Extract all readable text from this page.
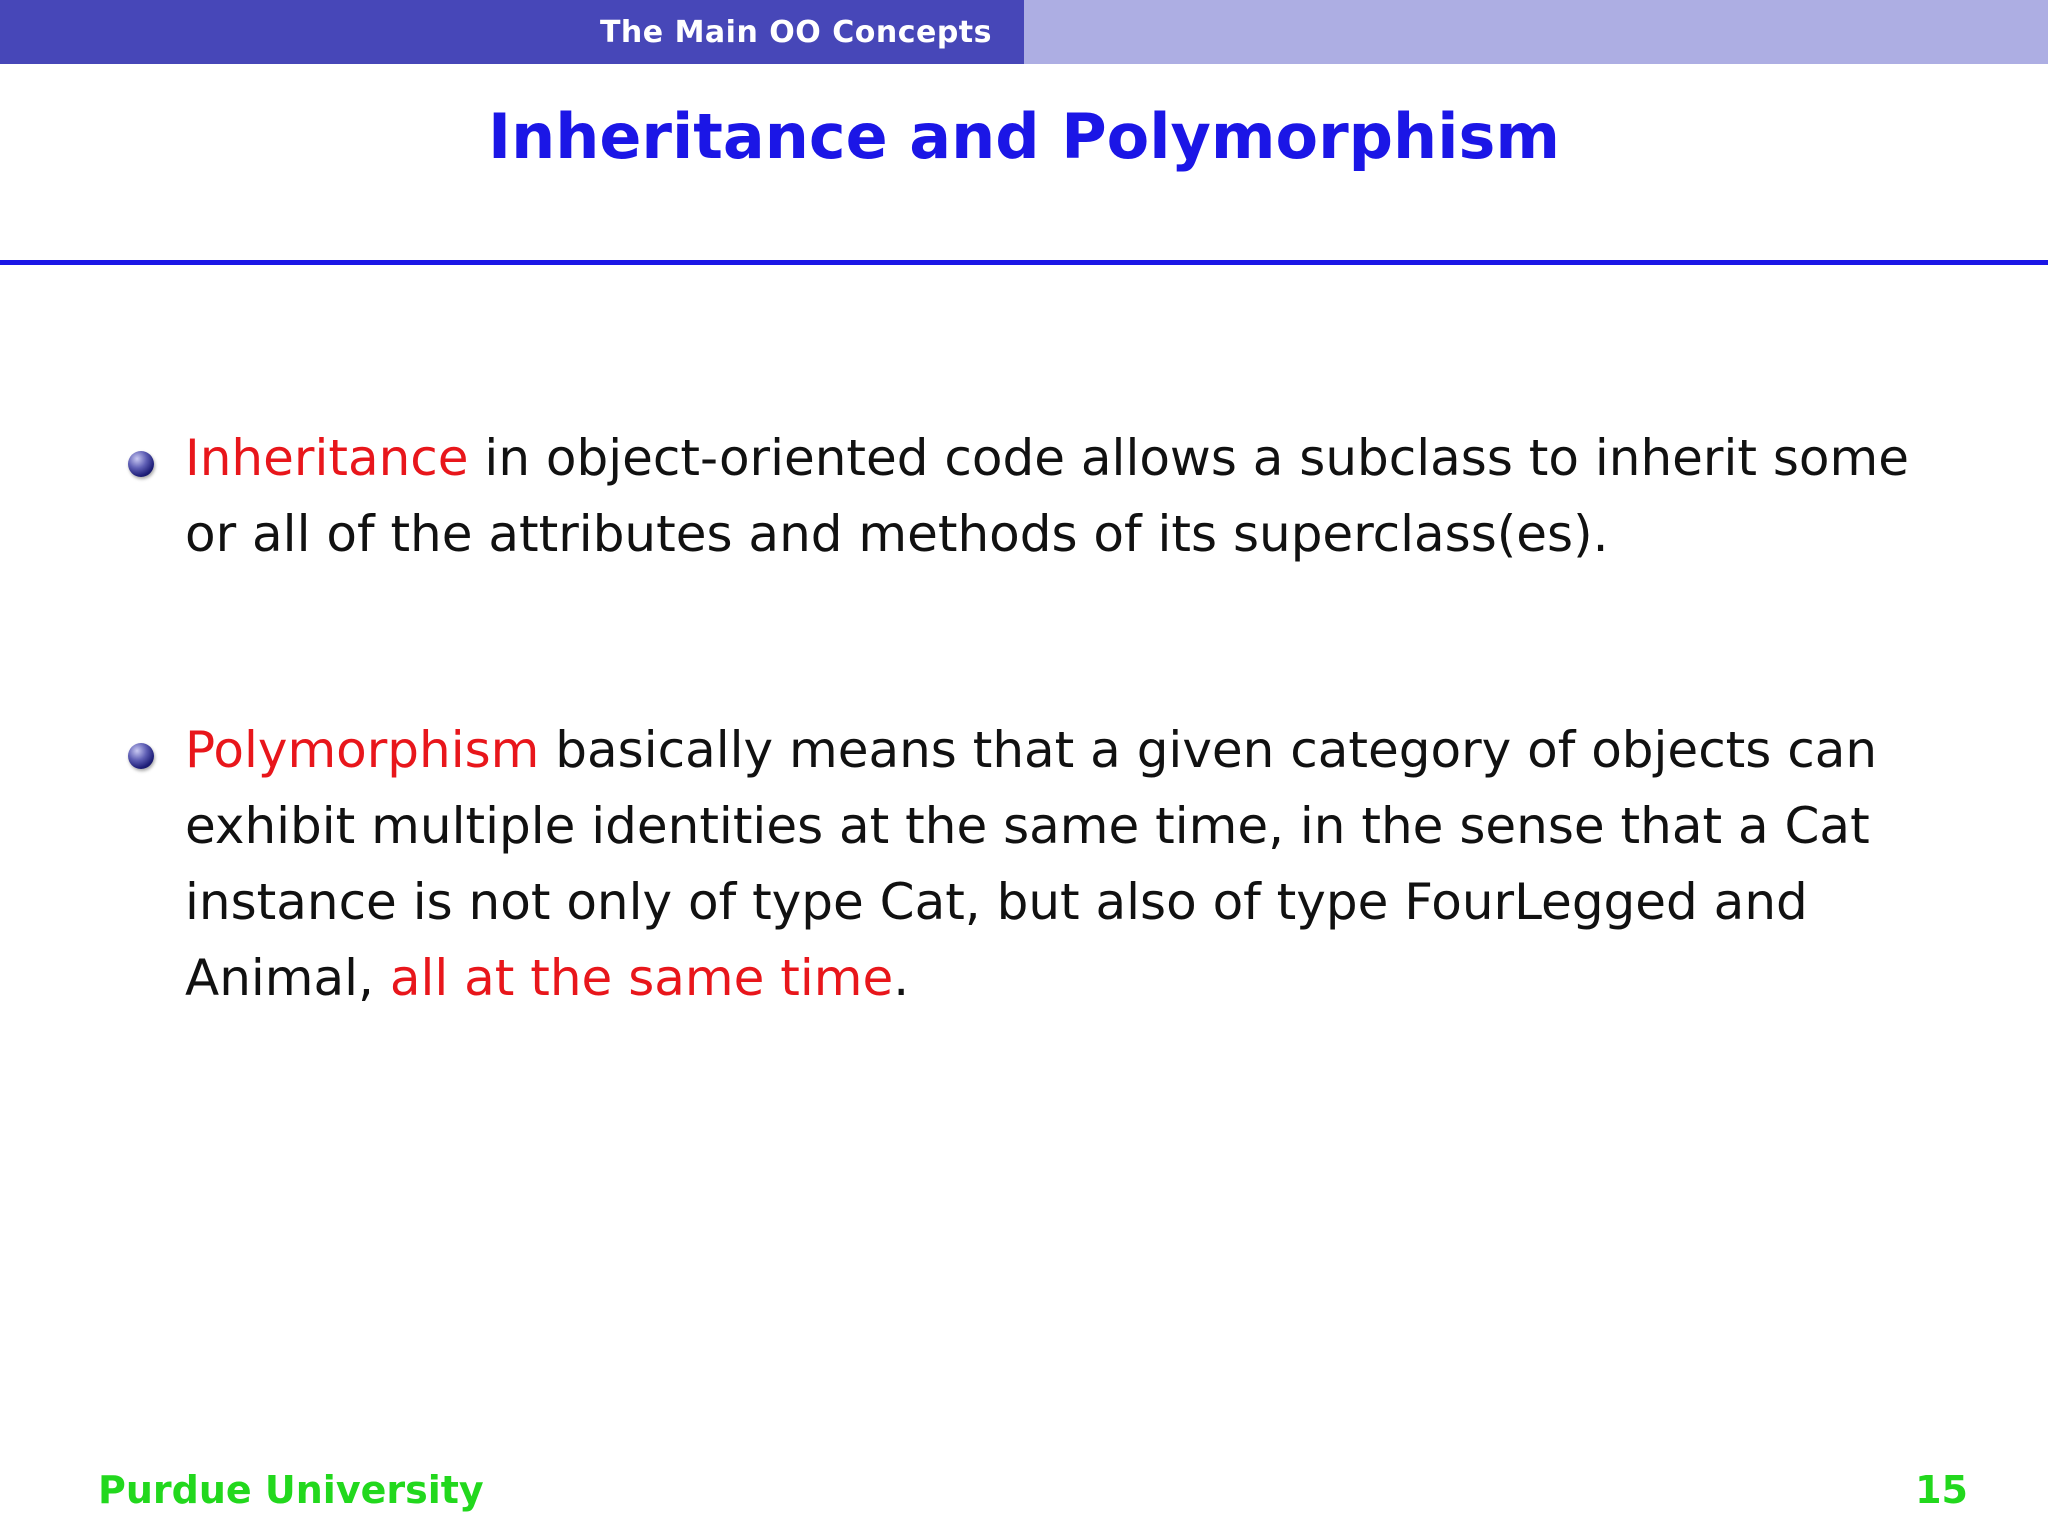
The Main OO Concepts
Inheritance and Polymorphism
Inheritance in object-oriented code allows a subclass to inherit some or all of the attributes and methods of its superclass(es).
Polymorphism basically means that a given category of objects can exhibit multiple identities at the same time, in the sense that a Cat instance is not only of type Cat, but also of type FourLegged and Animal, all at the same time.
Purdue University	15
